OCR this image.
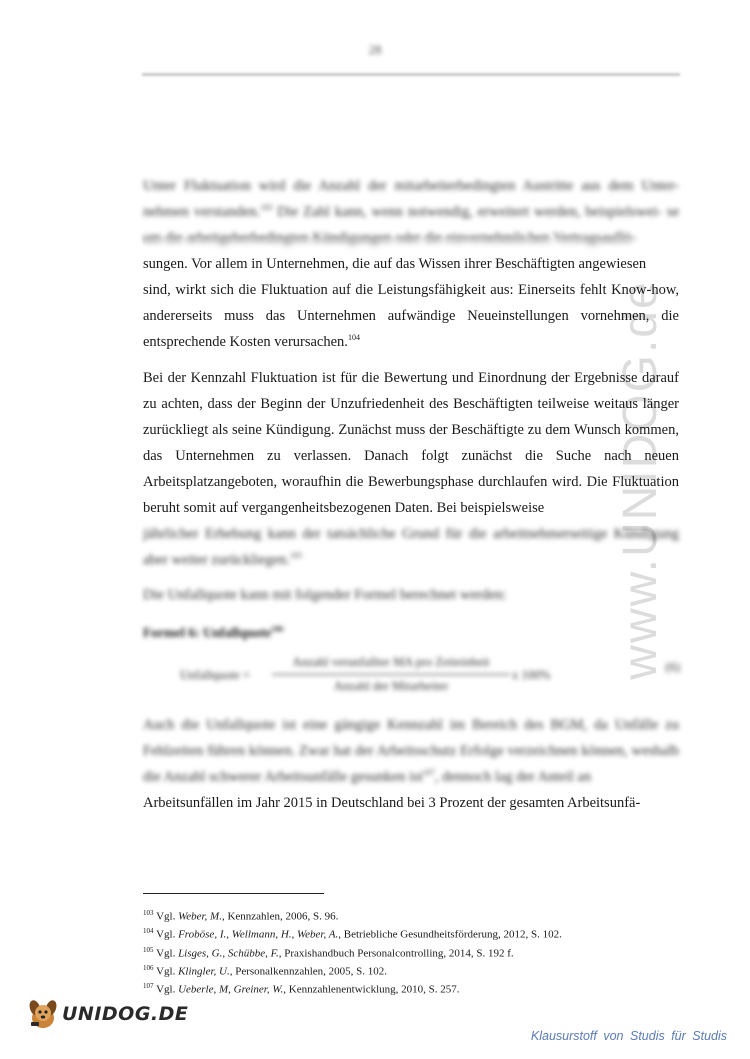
28
www.UNIDOG.de
Unter Fluktuation wird die Anzahl der mitarbeiterbedingten Austritte aus dem Unter- nehmen verstanden.$^{103}$ Die Zahl kann, wenn notwendig, erweitert werden, beispielswei- se um die arbeitgeberbedingten Kündigungen oder die einvernehmlichen Vertragsauflö-
sungen. Vor allem in Unternehmen, die auf das Wissen ihrer Beschäftigten angewiesen
sind, wirkt sich die Fluktuation auf die Leistungsfähigkeit aus: Einerseits fehlt Know-how, andererseits muss das Unternehmen aufwändige Neueinstellungen vornehmen, die entsprechende Kosten verursachen.$^{104}$
Bei der Kennzahl Fluktuation ist für die Bewertung und Einordnung der Ergebnisse darauf zu achten, dass der Beginn der Unzufriedenheit des Beschäftigten teilweise weitaus länger zurückliegt als seine Kündigung. Zunächst muss der Beschäftigte zu dem Wunsch kommen, das Unternehmen zu verlassen. Danach folgt zunächst die Suche nach neuen Arbeitsplatzangeboten, woraufhin die Bewerbungsphase durchlaufen wird. Die Fluktuation beruht somit auf vergangenheitsbezogenen Daten. Bei beispielsweise
jährlicher Erhebung kann der tatsächliche Grund für die arbeitnehmerseitige Kündigung aber weiter zurückliegen.$^{105}$
Die Unfallquote kann mit folgender Formel berechnet werden:
Formel 6: Unfallquote$^{106}$
Unfallquote =
Anzahl verunfallter MA pro Zeiteinheit
Anzahl der Mitarbeiter
x 100%
(6)
Auch die Unfallquote ist eine gängige Kennzahl im Bereich des BGM, da Unfälle zu Fehlzeiten führen können. Zwar hat der Arbeitsschutz Erfolge verzeichnen können, weshalb die Anzahl schwerer Arbeitsunfälle gesunken ist$^{107}$, dennoch lag der Anteil an
Arbeitsunfällen im Jahr 2015 in Deutschland bei 3 Prozent der gesamten Arbeitsunfä-
$^{103}$ Vgl. Weber, M., Kennzahlen, 2006, S. 96.
$^{104}$ Vgl. Froböse, I., Wellmann, H., Weber, A., Betriebliche Gesundheitsförderung, 2012, S. 102.
$^{105}$ Vgl. Lisges, G., Schübbe, F., Praxishandbuch Personalcontrolling, 2014, S. 192 f.
$^{106}$ Vgl. Klingler, U., Personalkennzahlen, 2005, S. 102.
$^{107}$ Vgl. Ueberle, M, Greiner, W., Kennzahlenentwicklung, 2010, S. 257.
UNIDOG.DE
Klausurstoff von Studis für Studis
